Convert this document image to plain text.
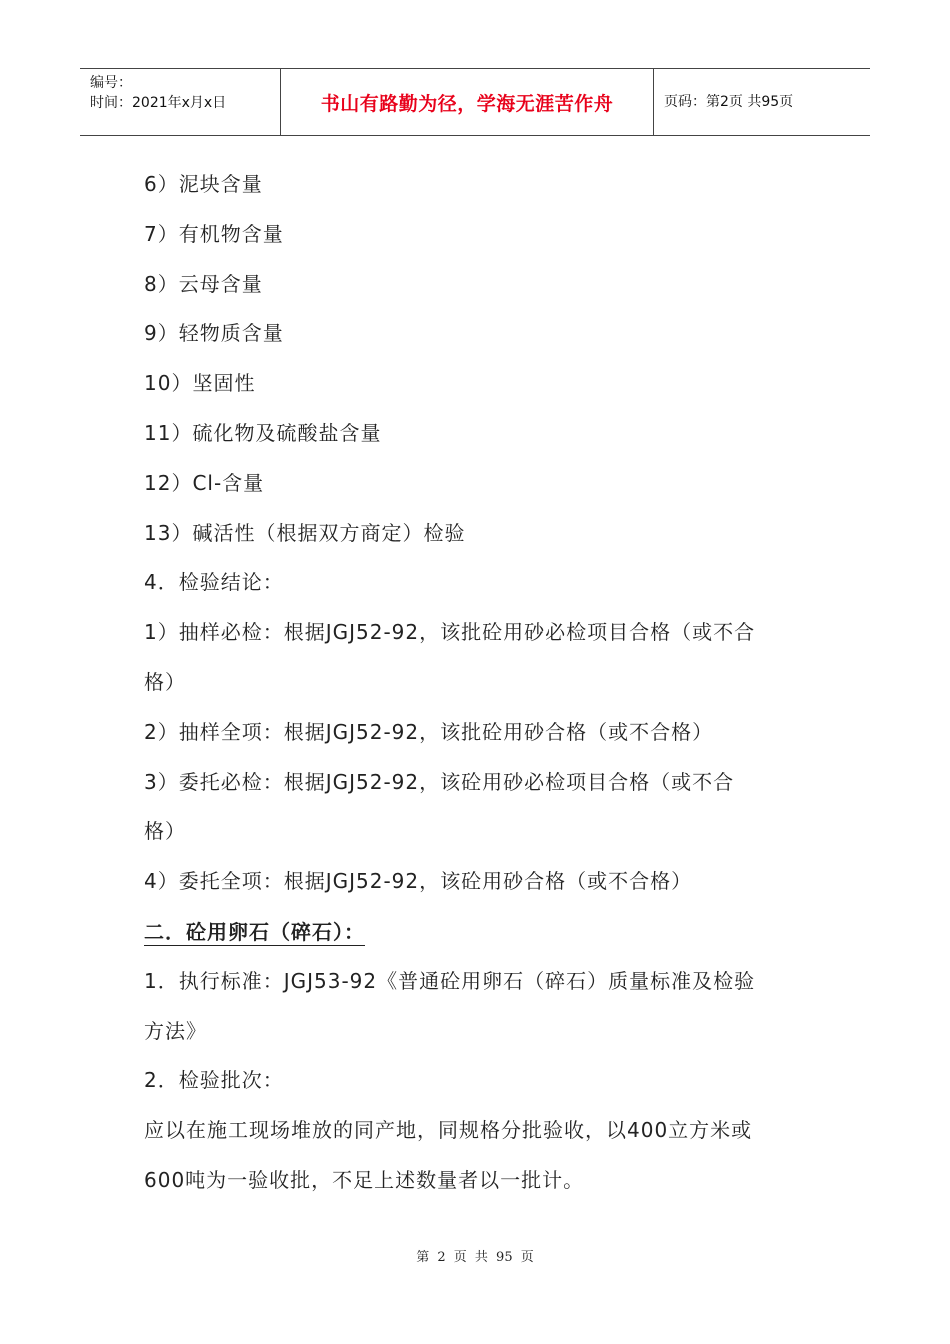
编号：
时间：2021年x月x日	书山有路勤为径，学海无涯苦作舟	页码：第2页 共95页
6）泥块含量
7）有机物含量
8）云母含量
9）轻物质含量
10）坚固性
11）硫化物及硫酸盐含量
12）Cl-含量
13）碱活性（根据双方商定）检验
4．检验结论：
1）抽样必检：根据JGJ52-92，该批砼用砂必检项目合格（或不合
格）
2）抽样全项：根据JGJ52-92，该批砼用砂合格（或不合格）
3）委托必检：根据JGJ52-92，该砼用砂必检项目合格（或不合
格）
4）委托全项：根据JGJ52-92，该砼用砂合格（或不合格）
二．砼用卵石（碎石）：
1．执行标准：JGJ53-92《普通砼用卵石（碎石）质量标准及检验
方法》
2．检验批次：
应以在施工现场堆放的同产地，同规格分批验收，以400立方米或
600吨为一验收批，不足上述数量者以一批计。
第 2 页 共 95 页
